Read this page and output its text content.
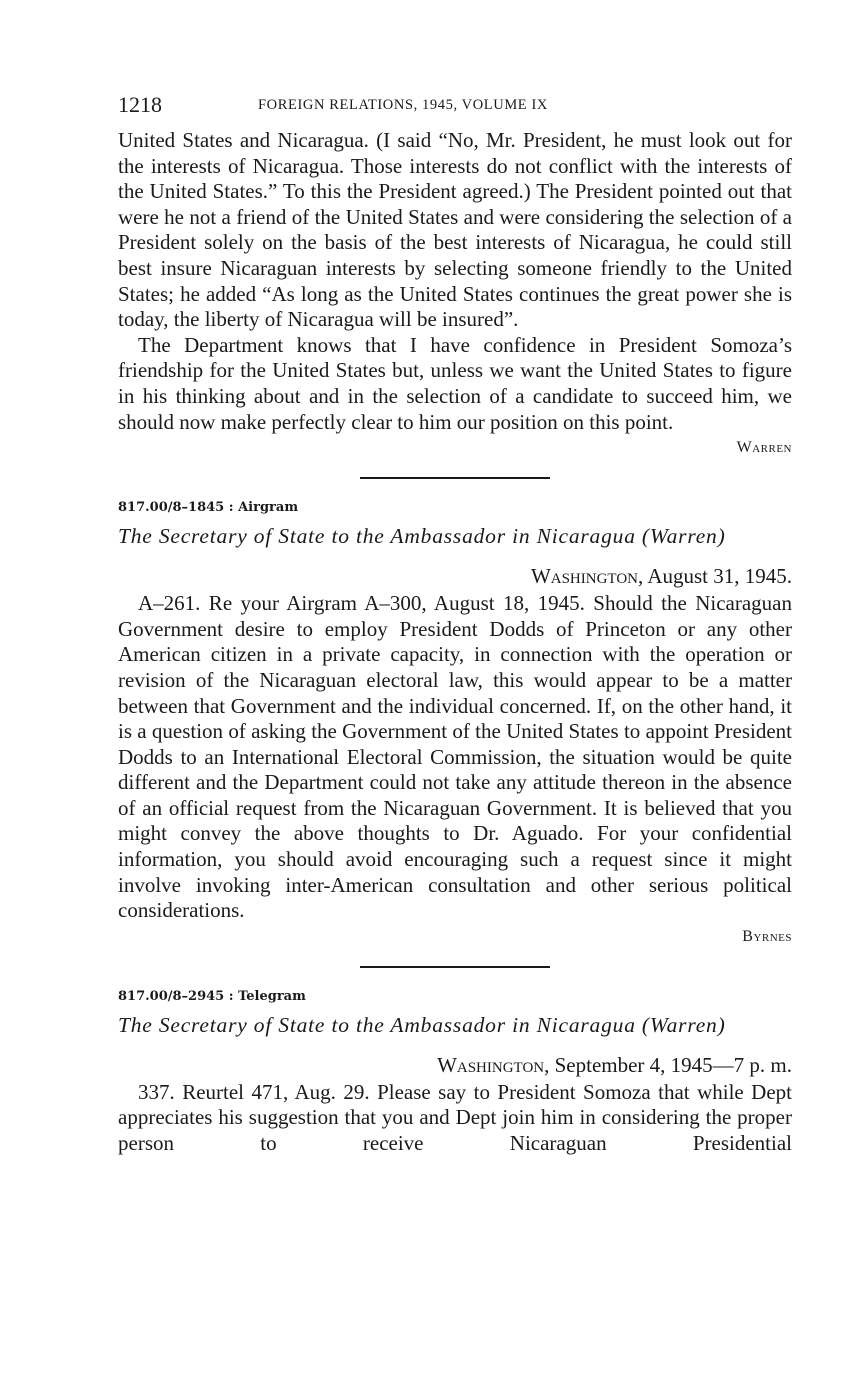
1218	FOREIGN RELATIONS, 1945, VOLUME IX

United States and Nicaragua. (I said “No, Mr. President, he must look out for the interests of Nicaragua. Those interests do not conflict with the interests of the United States.” To this the President agreed.) The President pointed out that were he not a friend of the United States and were considering the selection of a President solely on the basis of the best interests of Nicaragua, he could still best insure Nicaraguan interests by selecting someone friendly to the United States; he added “As long as the United States continues the great power she is today, the liberty of Nicaragua will be insured”.

The Department knows that I have confidence in President Somoza’s friendship for the United States but, unless we want the United States to figure in his thinking about and in the selection of a candidate to succeed him, we should now make perfectly clear to him our position on this point.

Warren
817.00/8–1845 : Airgram
The Secretary of State to the Ambassador in Nicaragua (Warren)
Washington, August 31, 1945.

A–261. Re your Airgram A–300, August 18, 1945. Should the Nicaraguan Government desire to employ President Dodds of Princeton or any other American citizen in a private capacity, in connection with the operation or revision of the Nicaraguan electoral law, this would appear to be a matter between that Government and the individual concerned. If, on the other hand, it is a question of asking the Government of the United States to appoint President Dodds to an International Electoral Commission, the situation would be quite different and the Department could not take any attitude thereon in the absence of an official request from the Nicaraguan Government. It is believed that you might convey the above thoughts to Dr. Aguado. For your confidential information, you should avoid encouraging such a request since it might involve invoking inter-American consultation and other serious political considerations.

Byrnes
817.00/8–2945 : Telegram
The Secretary of State to the Ambassador in Nicaragua (Warren)
Washington, September 4, 1945—7 p. m.

337. Reurtel 471, Aug. 29. Please say to President Somoza that while Dept appreciates his suggestion that you and Dept join him in considering the proper person to receive Nicaraguan Presidential
